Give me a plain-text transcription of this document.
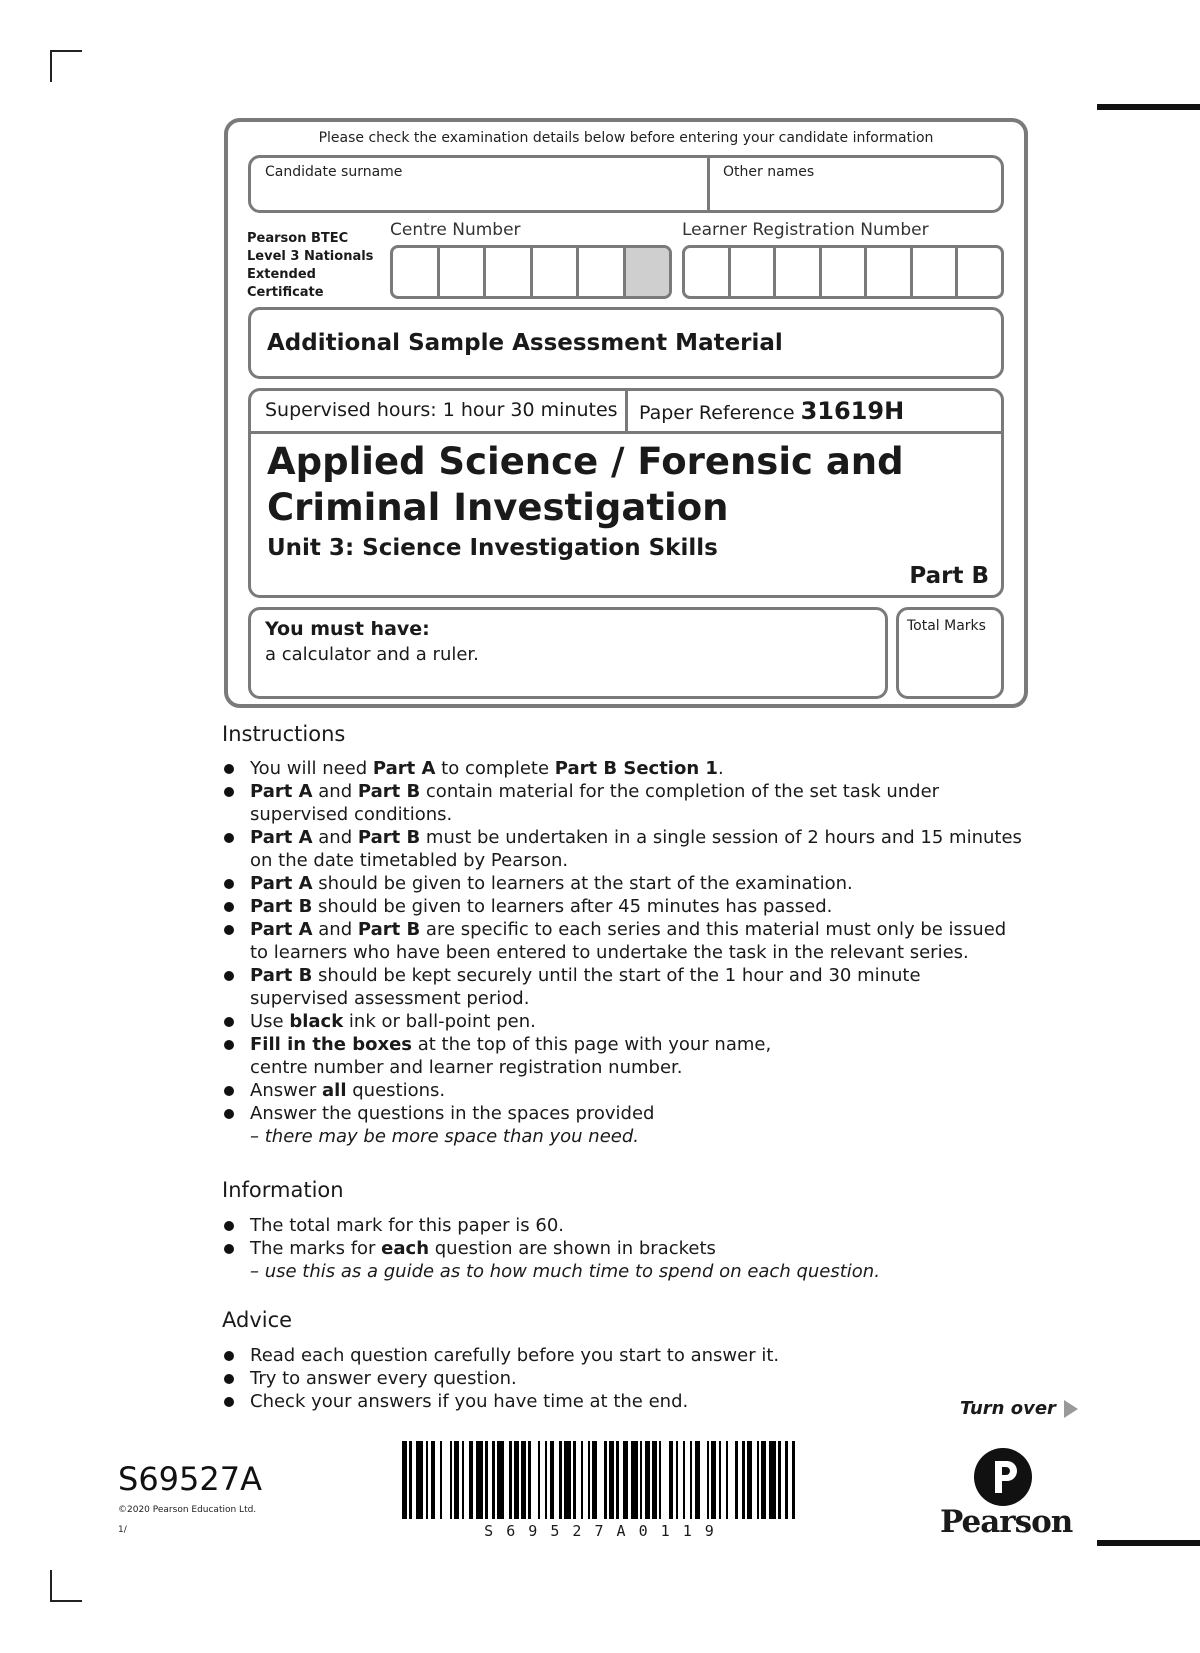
Please check the examination details below before entering your candidate information
Candidate surname	Other names
Pearson BTEC
Level 3 Nationals
Extended
Certificate
Centre Number	Learner Registration Number
Additional Sample Assessment Material
Supervised hours: 1 hour 30 minutes Paper Reference 31619H
Applied Science / Forensic and
Criminal Investigation
Unit 3: Science Investigation Skills
Part B
You must have:
a calculator and a ruler.
Total Marks
Instructions
You will need Part A to complete Part B Section 1.
Part A and Part B contain material for the completion of the set task under supervised conditions.
Part A and Part B must be undertaken in a single session of 2 hours and 15 minutes on the date timetabled by Pearson.
Part A should be given to learners at the start of the examination.
Part B should be given to learners after 45 minutes has passed.
Part A and Part B are specific to each series and this material must only be issued to learners who have been entered to undertake the task in the relevant series.
Part B should be kept securely until the start of the 1 hour and 30 minute supervised assessment period.
Use black ink or ball-point pen.
Fill in the boxes at the top of this page with your name,
centre number and learner registration number.
Answer all questions.
Answer the questions in the spaces provided
– there may be more space than you need.
Information
The total mark for this paper is 60.
The marks for each question are shown in brackets
– use this as a guide as to how much time to spend on each question.
Advice
Read each question carefully before you start to answer it.
Try to answer every question.
Check your answers if you have time at the end.	Turn over
S69527A
©2020 Pearson Education Ltd.
1/	S 6 9 5 2 7 A 0 1 1 9	Pearson
